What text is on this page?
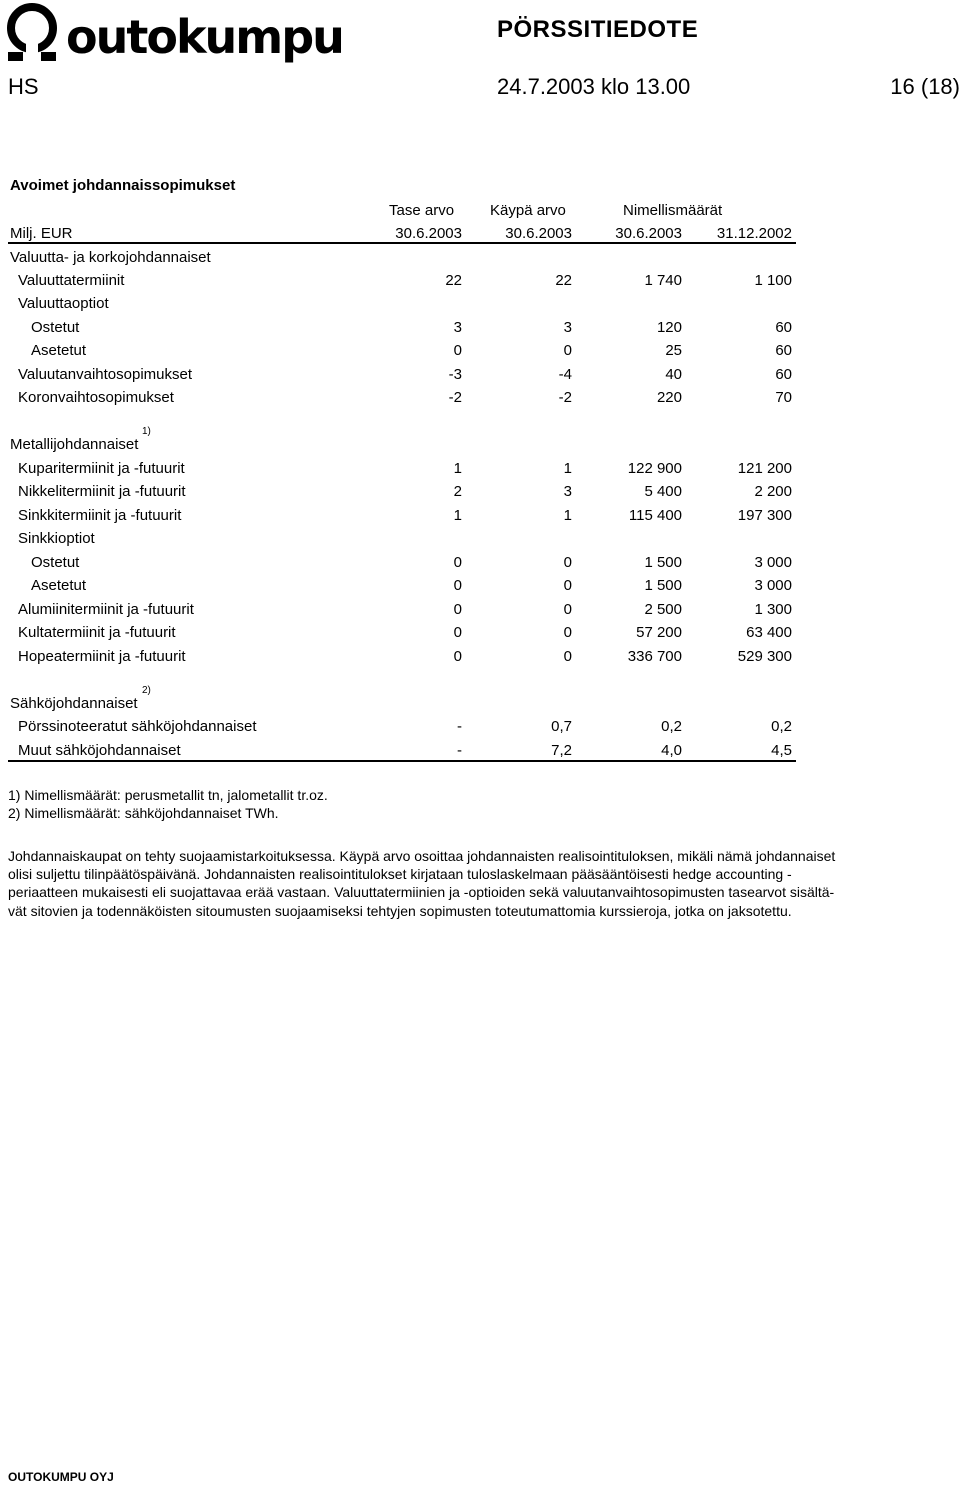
outokumpu	PÖRSSITIEDOTE
HS	24.7.2003 klo 13.00	16 (18)
Avoimet johdannaissopimukset
Tase arvo Käypä arvo	Nimellismäärät
Milj. EUR	30.6.2003	30.6.2003	30.6.2003	31.12.2002
Valuutta- ja korkojohdannaiset
Valuuttatermiinit	22	22	1 740	1 100
Valuuttaoptiot
Ostetut	3	3	120	60
Asetetut	0	0	25	60
Valuutanvaihtosopimukset	-3	-4	40	60
Koronvaihtosopimukset	-2	-2	220	70
Metallijohdannaiset
1)
Kuparitermiinit ja -futuurit	1	1	122 900	121 200
Nikkelitermiinit ja -futuurit	2	3	5 400	2 200
Sinkkitermiinit ja -futuurit	1	1	115 400	197 300
Sinkkioptiot
Ostetut	0	0	1 500	3 000
Asetetut	0	0	1 500	3 000
Alumiinitermiinit ja -futuurit	0	0	2 500	1 300
Kultatermiinit ja -futuurit	0	0	57 200	63 400
Hopeatermiinit ja -futuurit	0	0	336 700	529 300
Sähköjohdannaiset
2)
Pörssinoteeratut sähköjohdannaiset	-	0,7	0,2	0,2
Muut sähköjohdannaiset	-	7,2	4,0	4,5
1) Nimellismäärät: perusmetallit tn, jalometallit tr.oz.
2) Nimellismäärät: sähköjohdannaiset TWh.
Johdannaiskaupat on tehty suojaamistarkoituksessa. Käypä arvo osoittaa johdannaisten realisointituloksen, mikäli nämä johdannaiset
olisi suljettu tilinpäätöspäivänä. Johdannaisten realisointitulokset kirjataan tuloslaskelmaan pääsääntöisesti hedge accounting -
periaatteen mukaisesti eli suojattavaa erää vastaan. Valuuttatermiinien ja -optioiden sekä valuutanvaihtosopimusten tasearvot sisältä-
vät sitovien ja todennäköisten sitoumusten suojaamiseksi tehtyjen sopimusten toteutumattomia kurssieroja, jotka on jaksotettu.
OUTOKUMPU OYJ
